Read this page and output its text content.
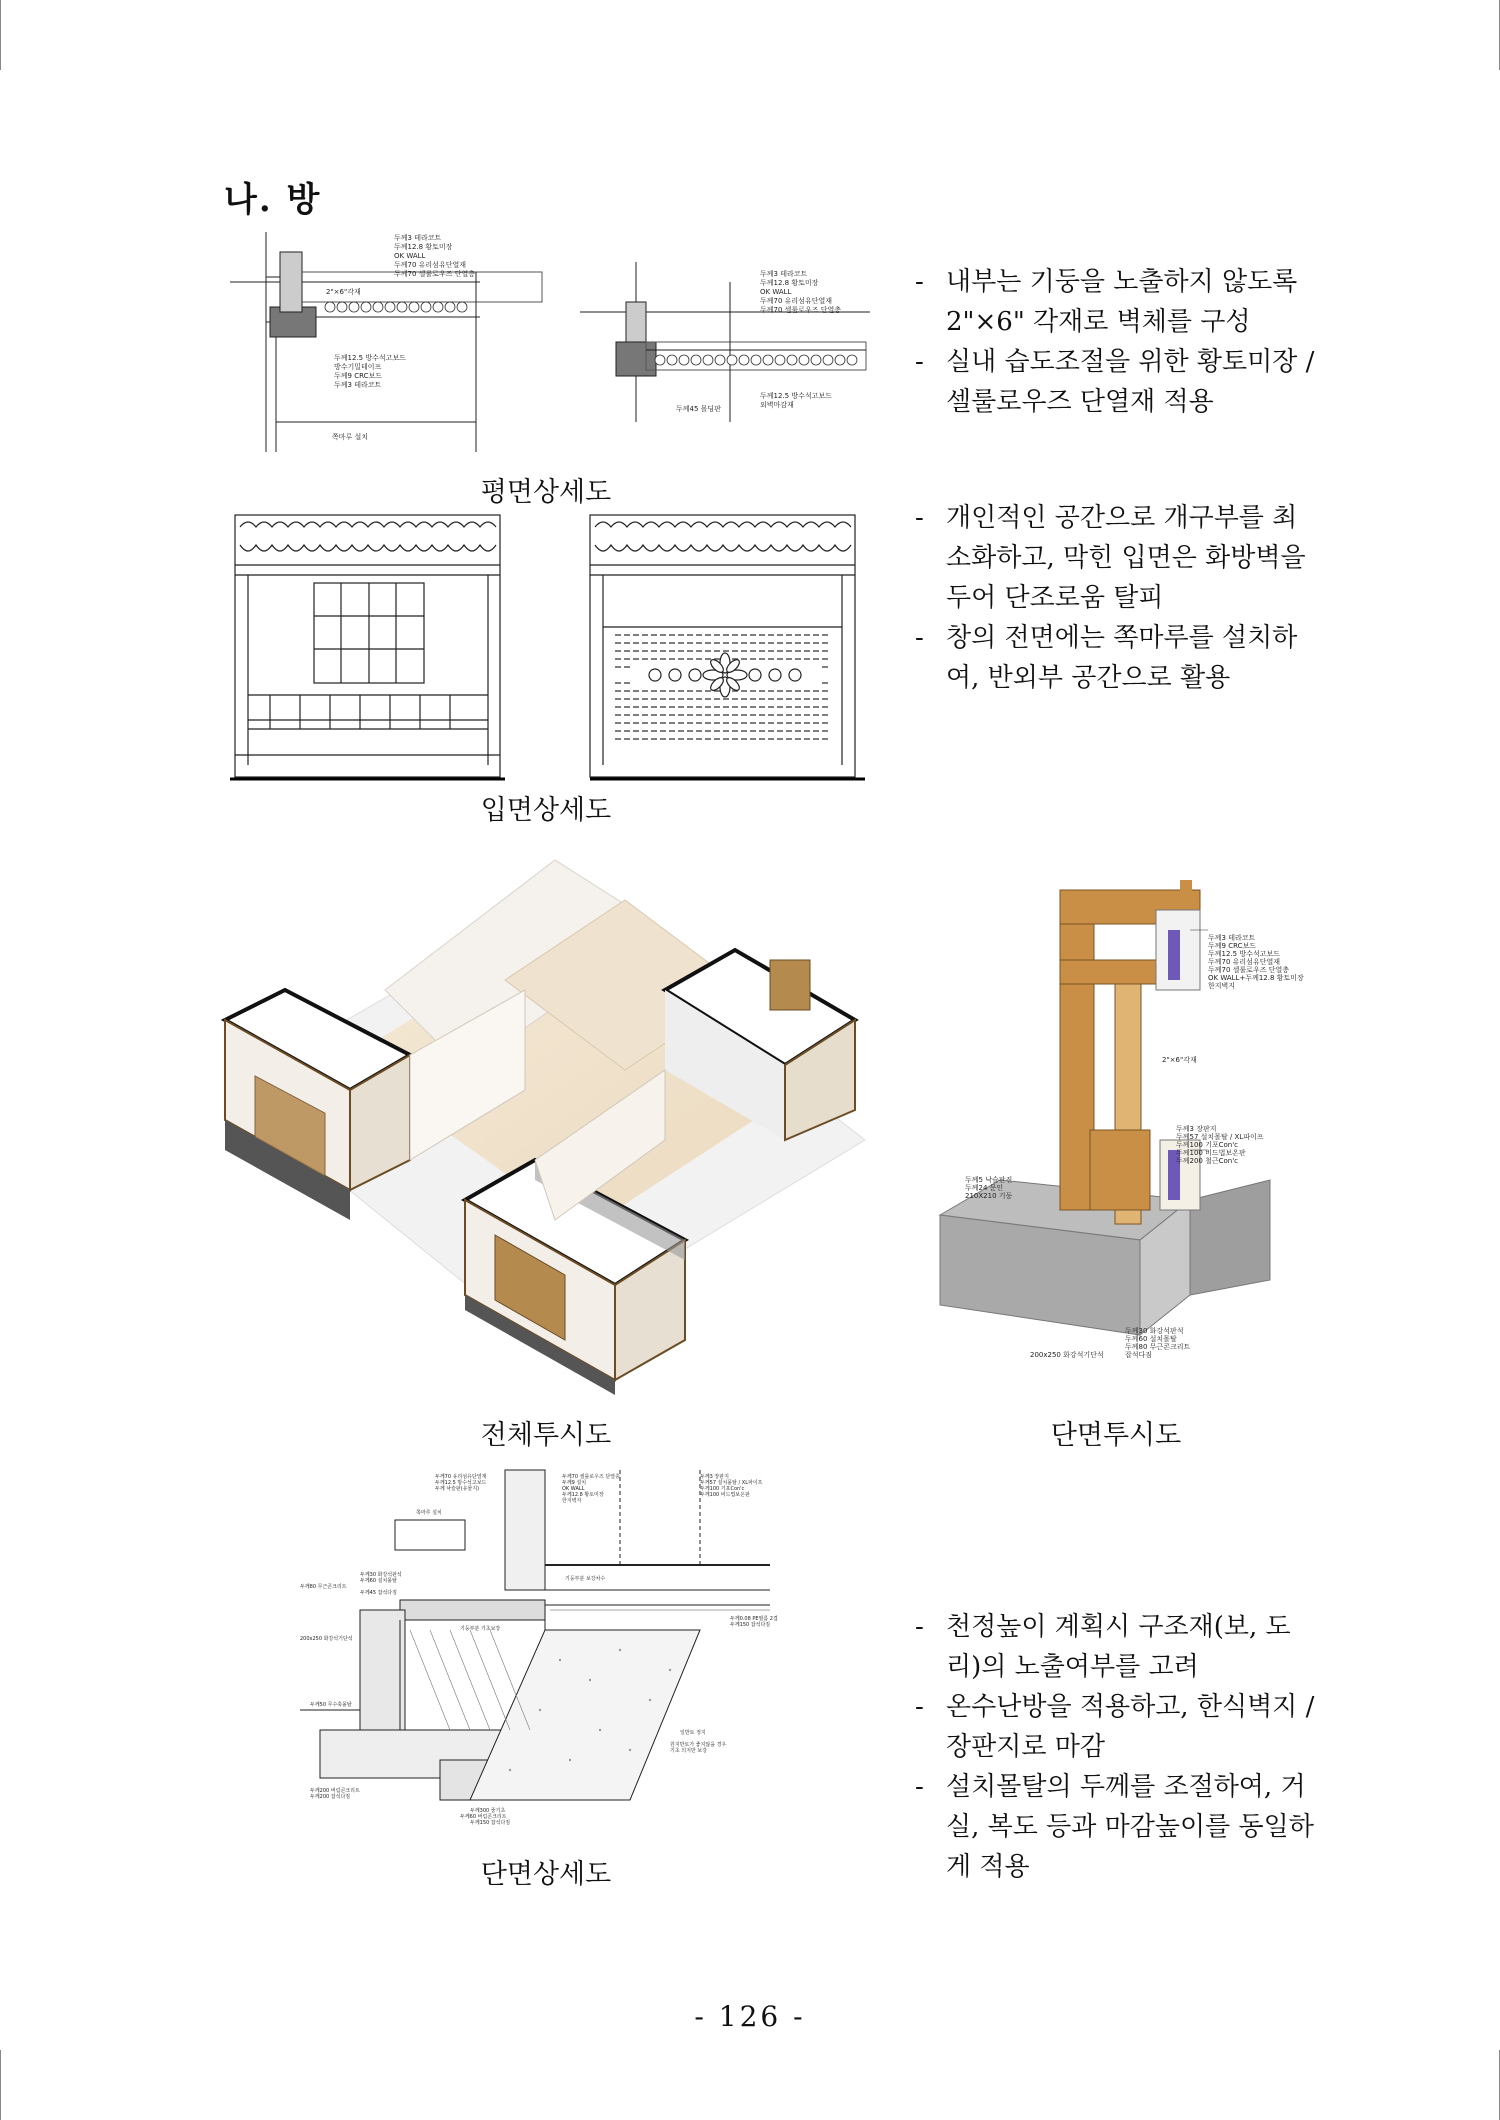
나. 방
두께3 테라코트
두께12.8 황토미장
OK WALL
두께70 유리섬유단열재
두께70 셀룰로우즈 단열층
2"×6"각재
두께12.5 방수석고보드
방수기밀테이프
두께9 CRC보드
두께3 테라코트
쪽마루 설치
두께3 테라코트
두께12.8 황토미장
OK WALL
두께70 유리섬유단열재
두께70 셀룰로우즈 단열층
두께12.5 방수석고보드
외벽마감재
두께45 몰딩판
평면상세도
입면상세도
전체투시도
두께3 테라코트
두께9 CRC보드
두께12.5 방수석고보드
두께70 유리섬유단열재
두께70 셀룰로우즈 단열층
OK WALL+두께12.8 황토미장
한지벽지
2"×6"각재
두께3 장판지
두께57 설치몰탈 / XL파이프
두께100 기포Con'c
두께100 비드법보온판
두께200 철근Con'c
두께5 낙슬판진
두께24 문인
210X210 기둥
두께30 화강석판석
두께60 설치몰탈
두께80 무근콘크리트
잡석다짐
200x250 화강석기단석
단면투시도
두께70 유리섬유단열재
두께12.5 방수석고보드
두께 낙슬판(유물지)
두께70 셀룰로우즈 단열층
두께9 설치
OK WALL
두께12.8 황토미장
한지벽지
두께3 장판지
두께57 설치몰탈 / XL파이프
두께100 기포Con'c
두께100 비드법보온판
두께30 화강석판석
두께60 설치몰탈
두께80 무근콘크리트
두께45 잡석다짐
200x250 화강석기단석
두께50 무수축몰탈
두께200 버림콘크리트
두께200 잡석다짐
두께300 줄기초
두께60 버림콘크리트
두께150 잡석다짐
두께0.08 PE필름 2겹
두께150 잡석다짐
일반토 정지
원지반토가 좋지않을 경우
기초 의지반 보강
쪽마루 설치
기둥부분 기초보강
기둥부분 보강차수
단면상세도
- 내부는 기둥을 노출하지 않도록 2"×6" 각재로 벽체를 구성
- 실내 습도조절을 위한 황토미장 / 셀룰로우즈 단열재 적용
- 개인적인 공간으로 개구부를 최소화하고, 막힌 입면은 화방벽을 두어 단조로움 탈피
- 창의 전면에는 쪽마루를 설치하여, 반외부 공간으로 활용
- 천정높이 계획시 구조재(보, 도리)의 노출여부를 고려
- 온수난방을 적용하고, 한식벽지 / 장판지로 마감
- 설치몰탈의 두께를 조절하여, 거실, 복도 등과 마감높이를 동일하게 적용
- 126 -
